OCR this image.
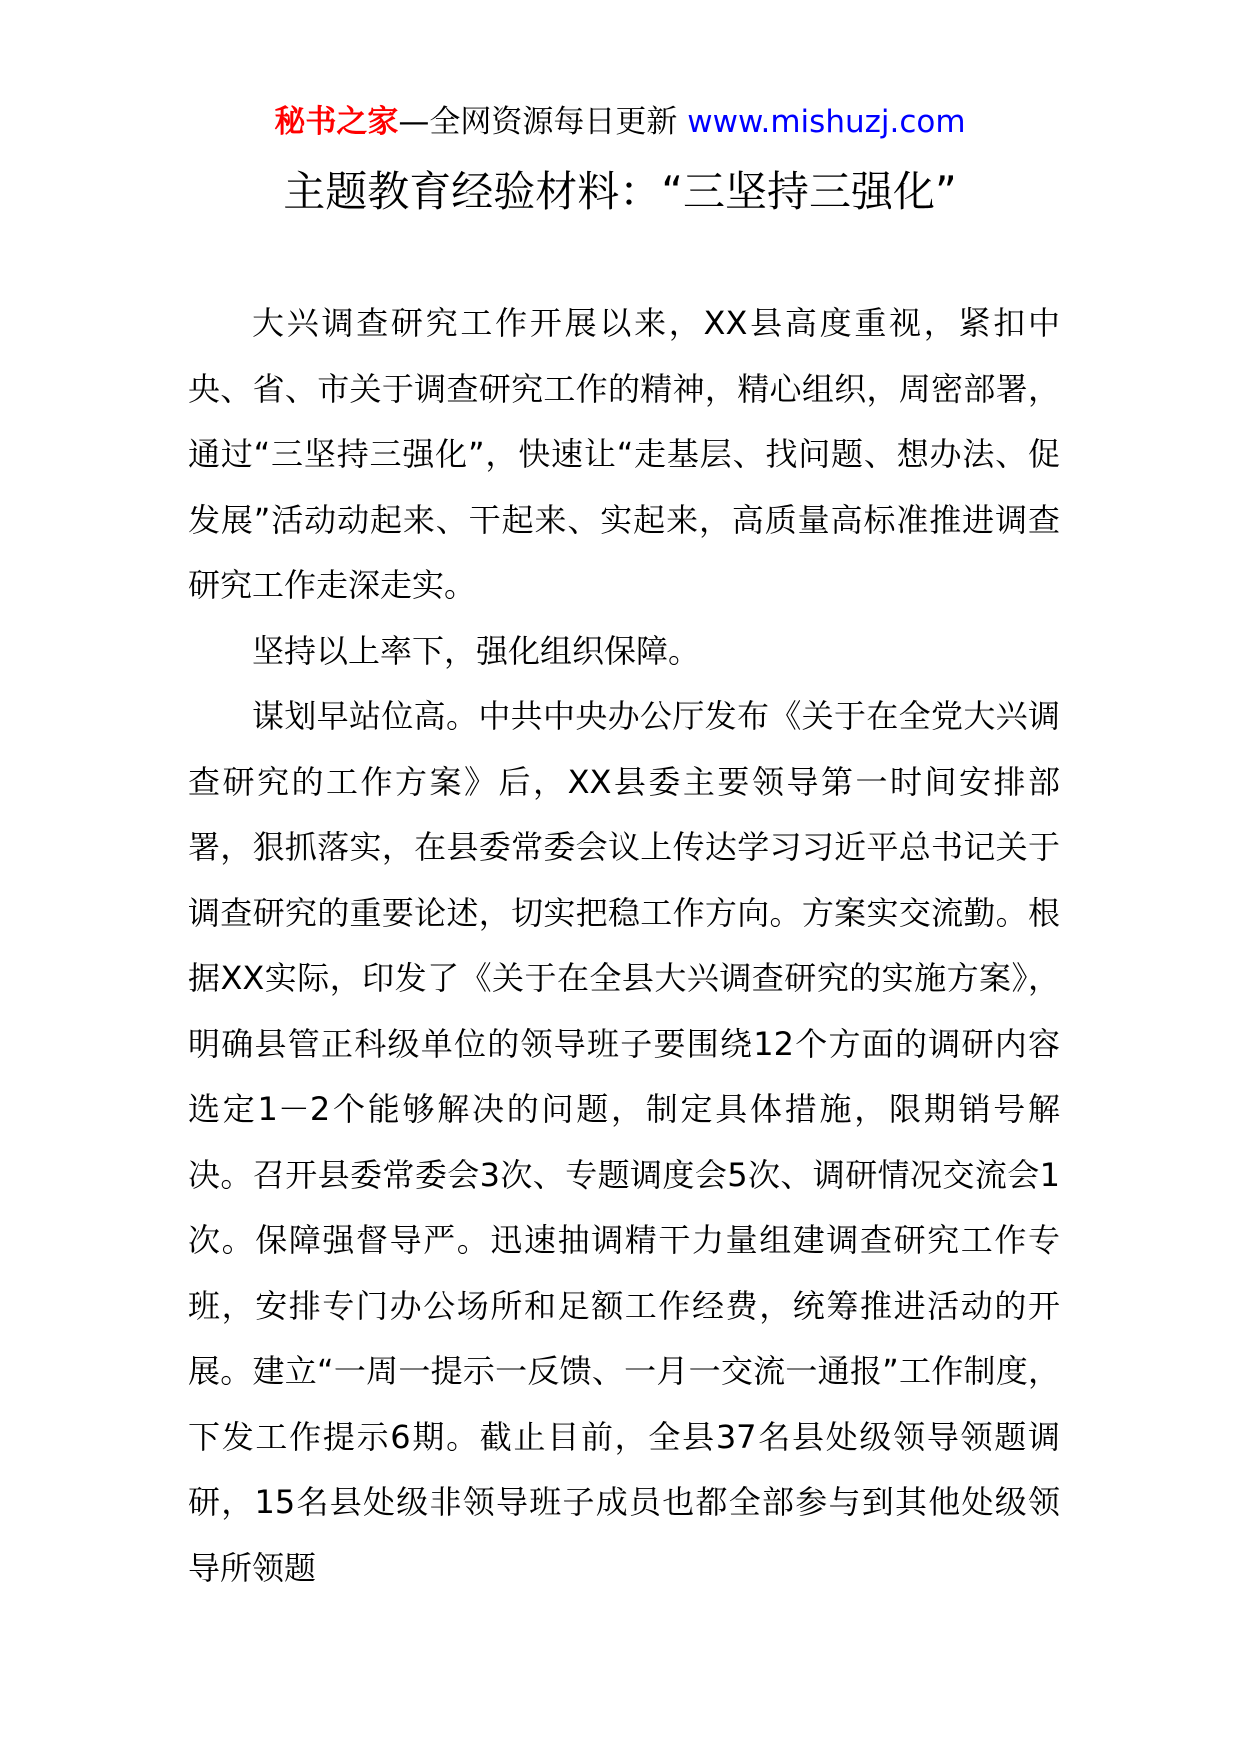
秘书之家—全网资源每日更新 www.mishuzj.com
主题教育经验材料：“三坚持三强化”

大兴调查研究工作开展以来，XX县高度重视，紧扣中央、省、市关于调查研究工作的精神，精心组织，周密部署，通过“三坚持三强化”，快速让“走基层、找问题、想办法、促发展”活动动起来、干起来、实起来，高质量高标准推进调查研究工作走深走实。

坚持以上率下，强化组织保障。

谋划早站位高。中共中央办公厅发布《关于在全党大兴调查研究的工作方案》后，XX县委主要领导第一时间安排部署，狠抓落实，在县委常委会议上传达学习习近平总书记关于调查研究的重要论述，切实把稳工作方向。方案实交流勤。根据XX实际，印发了《关于在全县大兴调查研究的实施方案》，明确县管正科级单位的领导班子要围绕12个方面的调研内容选定1－2个能够解决的问题，制定具体措施，限期销号解决。召开县委常委会3次、专题调度会5次、调研情况交流会1次。保障强督导严。迅速抽调精干力量组建调查研究工作专班，安排专门办公场所和足额工作经费，统筹推进活动的开展。建立“一周一提示一反馈、一月一交流一通报”工作制度，下发工作提示6期。截止目前，全县37名县处级领导领题调研，15名县处级非领导班子成员也都全部参与到其他处级领导所领题
